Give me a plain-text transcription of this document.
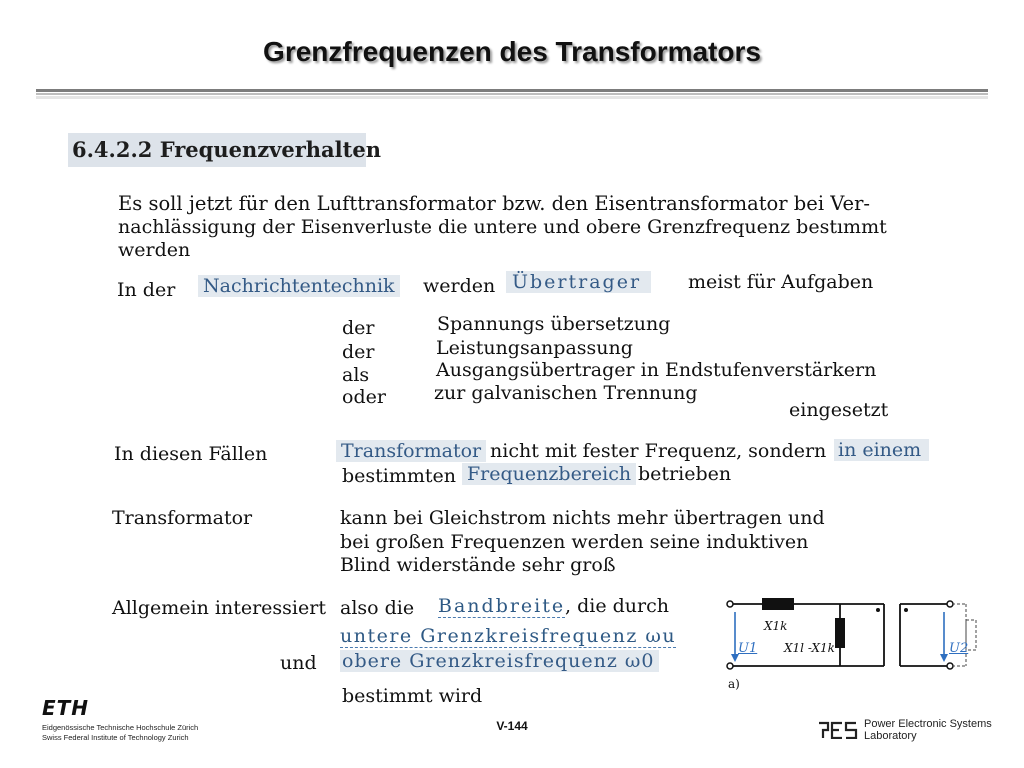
Grenzfrequenzen des Transformators
6.4.2.2 Frequenzverhalten
Es soll jetzt für den Lufttransformator bzw. den Eisentransformator bei Ver-
nachlässigung der Eisenverluste die untere und obere Grenzfrequenz bestımmt
werden
In der Nachrichtentechnik werden Übertrager	meist für Aufgaben
der	Spannungs übersetzung
der	Leistungsanpassung
als	Ausgangsübertrager in Endstufenverstärkern
oder	zur galvanischen Trennung
eingesetzt
In diesen Fällen	Transformator nicht mit fester Frequenz, sondern in einem
bestimmten Frequenzbereich betrieben
Transformator	kann bei Gleichstrom nichts mehr übertragen und
bei großen Frequenzen werden seine induktiven
Blind widerstände sehr groß
Allgemein interessiert also die Bandbreite , die durch
untere Grenzkreisfrequenz ωu
und obere Grenzkreisfrequenz ω0
bestimmt wird
X1k
X1l -X1k
U1	U2
a)
ETH
Eidgenössische Technische Hochschule Zürich
Swiss Federal Institute of Technology Zurich
V-144	Power Electronic Systems
Laboratory
